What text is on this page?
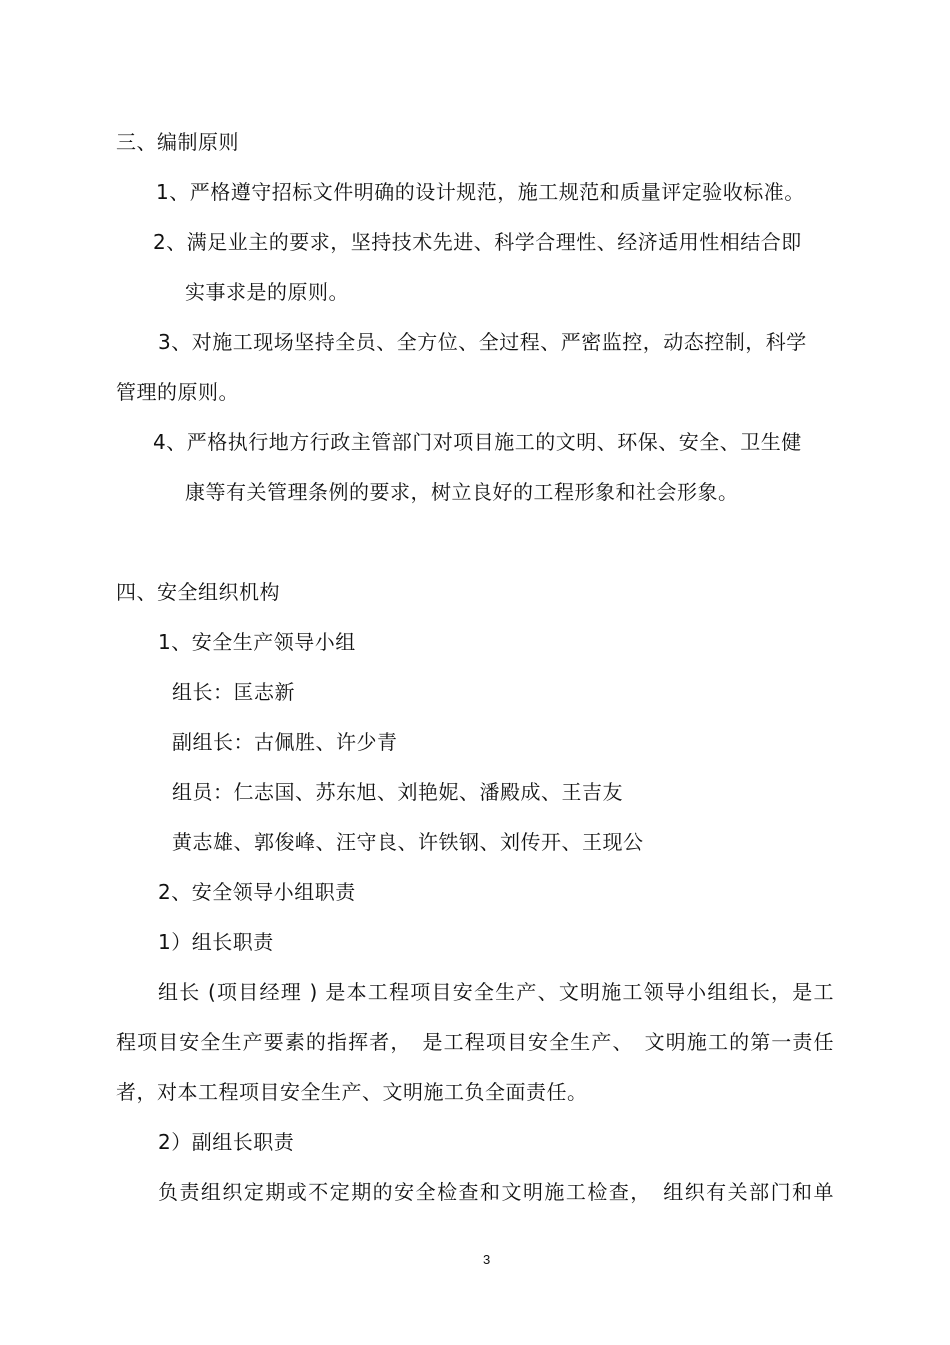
三、编制原则
1、严格遵守招标文件明确的设计规范，施工规范和质量评定验收标准。
2、满足业主的要求，坚持技术先进、科学合理性、经济适用性相结合即
实事求是的原则。
3、对施工现场坚持全员、全方位、全过程、严密监控，动态控制，科学
管理的原则。
4、严格执行地方行政主管部门对项目施工的文明、环保、安全、卫生健
康等有关管理条例的要求，树立良好的工程形象和社会形象。
四、安全组织机构
1、安全生产领导小组
组长：匡志新
副组长：古佩胜、许少青
组员：仁志国、苏东旭、刘艳妮、潘殿成、王吉友
黄志雄、郭俊峰、汪守良、许铁钢、刘传开、王现公
2、安全领导小组职责
1）组长职责
组长 (项目经理 ) 是本工程项目安全生产、文明施工领导小组组长，是工
程项目安全生产要素的指挥者，　是工程项目安全生产、　文明施工的第一责任
者，对本工程项目安全生产、文明施工负全面责任。
2）副组长职责
负责组织定期或不定期的安全检查和文明施工检查，　组织有关部门和单
3
